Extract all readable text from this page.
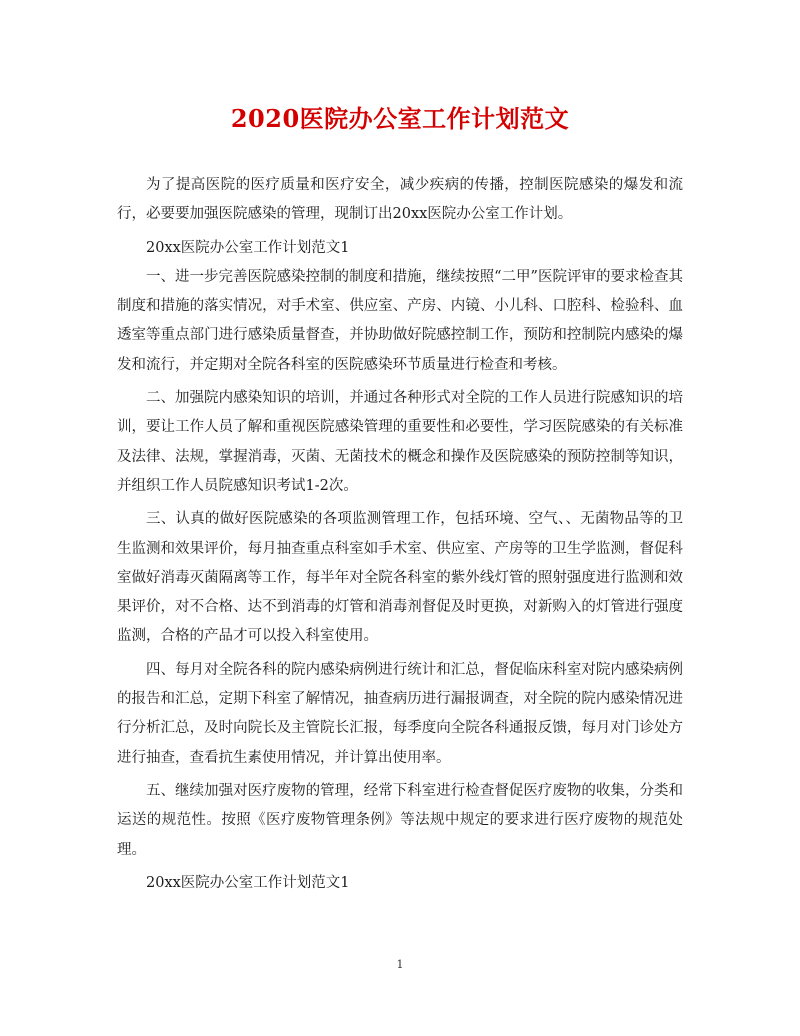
2020医院办公室工作计划范文

为了提高医院的医疗质量和医疗安全，减少疾病的传播，控制医院感染的爆发和流行，必要要加强医院感染的管理，现制订出20xx医院办公室工作计划。

20xx医院办公室工作计划范文1

一、进一步完善医院感染控制的制度和措施，继续按照“二甲”医院评审的要求检查其制度和措施的落实情况，对手术室、供应室、产房、内镜、小儿科、口腔科、检验科、血透室等重点部门进行感染质量督查，并协助做好院感控制工作，预防和控制院内感染的爆发和流行，并定期对全院各科室的医院感染环节质量进行检查和考核。

二、加强院内感染知识的培训，并通过各种形式对全院的工作人员进行院感知识的培训，要让工作人员了解和重视医院感染管理的重要性和必要性，学习医院感染的有关标准及法律、法规，掌握消毒，灭菌、无菌技术的概念和操作及医院感染的预防控制等知识，并组织工作人员院感知识考试1-2次。

三、认真的做好医院感染的各项监测管理工作，包括环境、空气、、无菌物品等的卫生监测和效果评价，每月抽查重点科室如手术室、供应室、产房等的卫生学监测，督促科室做好消毒灭菌隔离等工作，每半年对全院各科室的紫外线灯管的照射强度进行监测和效果评价，对不合格、达不到消毒的灯管和消毒剂督促及时更换，对新购入的灯管进行强度监测，合格的产品才可以投入科室使用。

四、每月对全院各科的院内感染病例进行统计和汇总，督促临床科室对院内感染病例的报告和汇总，定期下科室了解情况，抽查病历进行漏报调查，对全院的院内感染情况进行分析汇总，及时向院长及主管院长汇报，每季度向全院各科通报反馈，每月对门诊处方进行抽查，查看抗生素使用情况，并计算出使用率。

五、继续加强对医疗废物的管理，经常下科室进行检查督促医疗废物的收集，分类和运送的规范性。按照《医疗废物管理条例》等法规中规定的要求进行医疗废物的规范处理。

20xx医院办公室工作计划范文1

1
